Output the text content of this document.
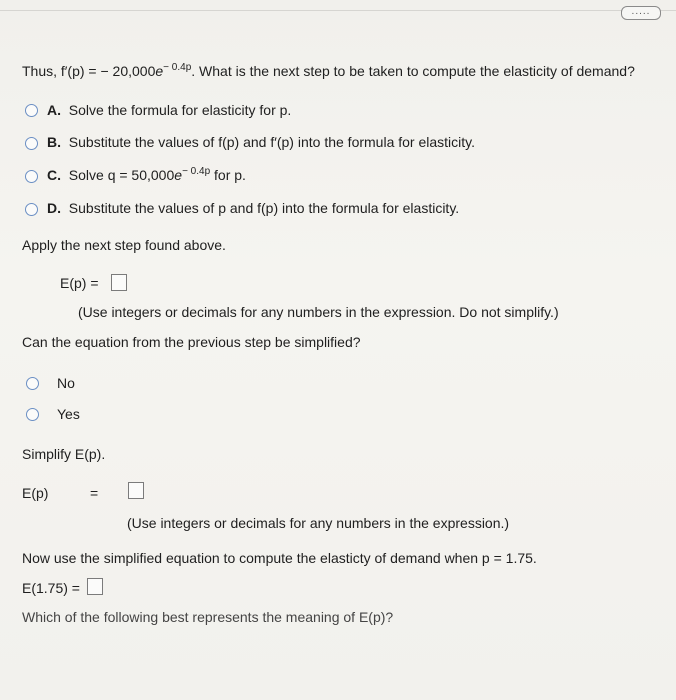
.....
Thus, f′(p) = − $20,000e^{- 0.4p}$. What is the next step to be taken to compute the elasticity of demand?
A. Solve the formula for elasticity for p.
B. Substitute the values of f(p) and f′(p) into the formula for elasticity.
C. Solve $q = 50,000e^{- 0.4p}$ for p.
D. Substitute the values of p and f(p) into the formula for elasticity.
Apply the next step found above.
E(p) =
(Use integers or decimals for any numbers in the expression. Do not simplify.)
Can the equation from the previous step be simplified?
No
Yes
Simplify E(p).
E(p)	=
(Use integers or decimals for any numbers in the expression.)
Now use the simplified equation to compute the elasticty of demand when p = 1.75.
E(1.75) =
Which of the following best represents the meaning of E(p)?
